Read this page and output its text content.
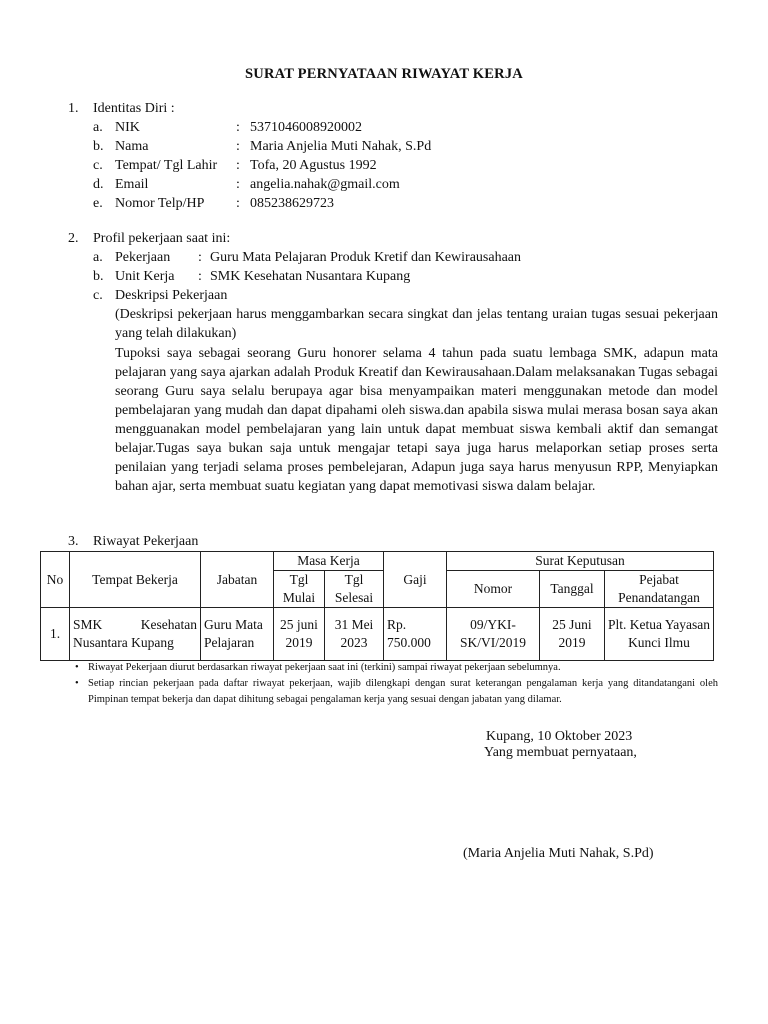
SURAT PERNYATAAN RIWAYAT KERJA
1. Identitas Diri :
a. NIK	: 5371046008920002
b. Nama	: Maria Anjelia Muti Nahak, S.Pd
c. Tempat/ Tgl Lahir : Tofa, 20 Agustus 1992
d. Email	: angelia.nahak@gmail.com
e. Nomor Telp/HP : 085238629723
2. Profil pekerjaan saat ini:
a. Pekerjaan : Guru Mata Pelajaran Produk Kretif dan Kewirausahaan
b. Unit Kerja : SMK Kesehatan Nusantara Kupang
c. Deskripsi Pekerjaan
(Deskripsi pekerjaan harus menggambarkan secara singkat dan jelas tentang uraian tugas sesuai pekerjaan yang telah dilakukan)
Tupoksi saya sebagai seorang Guru honorer selama 4 tahun pada suatu lembaga SMK, adapun mata pelajaran yang saya ajarkan adalah Produk Kreatif dan Kewirausahaan.Dalam melaksanakan Tugas sebagai seorang Guru saya selalu berupaya agar bisa menyampaikan materi menggunakan metode dan model pembelajaran yang mudah dan dapat dipahami oleh siswa.dan apabila siswa mulai merasa bosan saya akan mengguanakan model pembelajaran yang lain untuk dapat membuat siswa kembali aktif dan semangat belajar.Tugas saya bukan saja untuk mengajar tetapi saya juga harus melaporkan setiap proses serta penilaian yang terjadi selama proses pembelejaran, Adapun juga saya harus menyusun RPP, Menyiapkan bahan ajar, serta membuat suatu kegiatan yang dapat memotivasi siswa dalam belajar.
3. Riwayat Pekerjaan
No	Tempat Bekerja	Jabatan	Masa Kerja		Gaji	Surat Keputusan		
			Tgl Mulai	Tgl Selesai		Nomor	Tanggal	Pejabat Penandatangan
1.	SMK Kesehatan Nusantara Kupang	Guru Mata Pelajaran	25 juni 2019	31 Mei 2023	Rp. 750.000	09/YKI-SK/VI/2019	25 Juni 2019	Plt. Ketua Yayasan Kunci Ilmu
• Riwayat Pekerjaan diurut berdasarkan riwayat pekerjaan saat ini (terkini) sampai riwayat pekerjaan sebelumnya.
• Setiap rincian pekerjaan pada daftar riwayat pekerjaan, wajib dilengkapi dengan surat keterangan pengalaman kerja yang ditandatangani oleh Pimpinan tempat bekerja dan dapat dihitung sebagai pengalaman kerja yang sesuai dengan jabatan yang dilamar.
Kupang, 10 Oktober 2023
Yang membuat pernyataan,
(Maria Anjelia Muti Nahak, S.Pd)
